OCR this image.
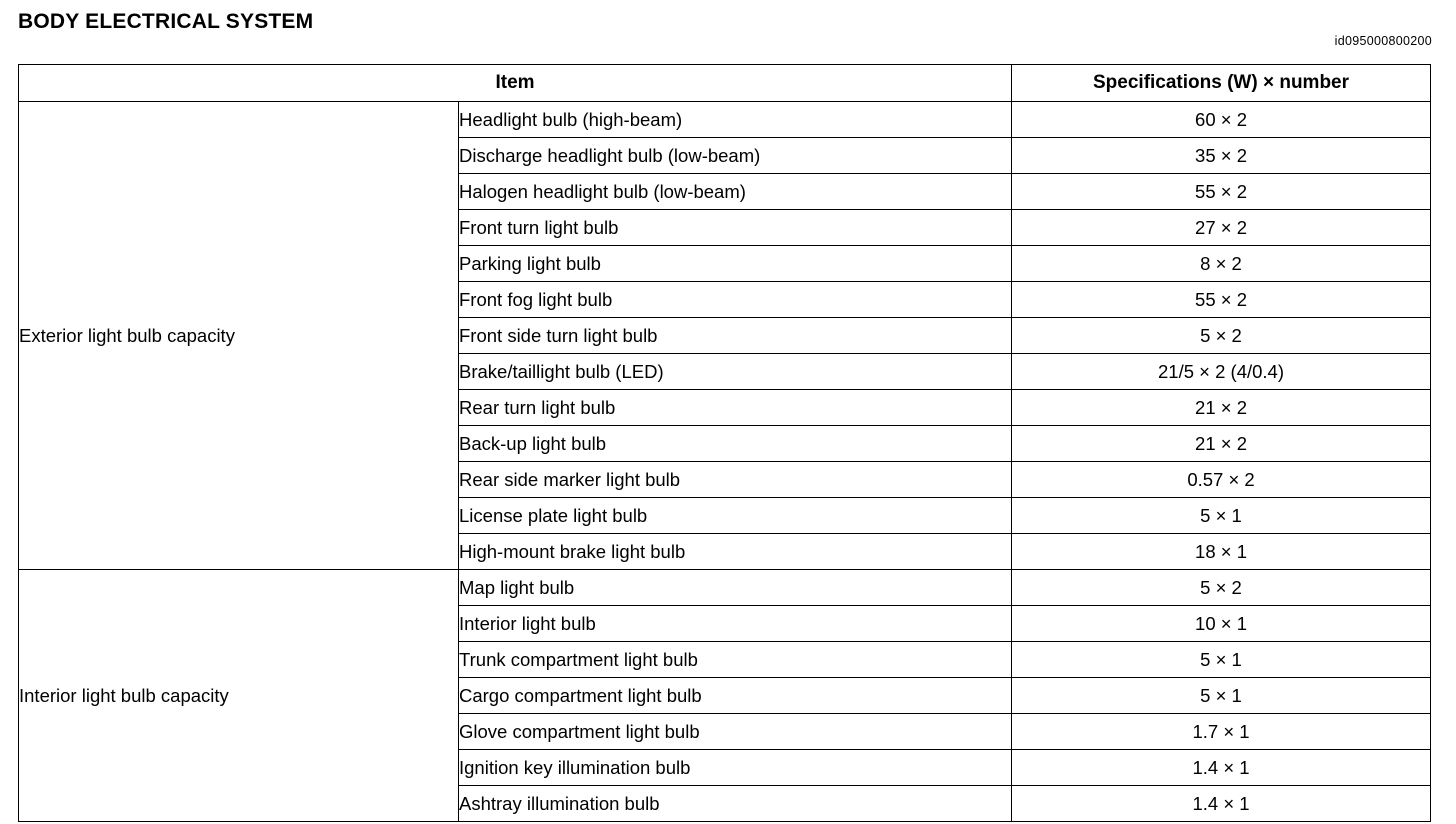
BODY ELECTRICAL SYSTEM
id095000800200
Item		Specifications (W) × number
Exterior light bulb capacity	Headlight bulb (high-beam)	60 × 2
	Discharge headlight bulb (low-beam)	35 × 2
	Halogen headlight bulb (low-beam)	55 × 2
	Front turn light bulb	27 × 2
	Parking light bulb	8 × 2
	Front fog light bulb	55 × 2
	Front side turn light bulb	5 × 2
	Brake/taillight bulb (LED)	21/5 × 2 (4/0.4)
	Rear turn light bulb	21 × 2
	Back-up light bulb	21 × 2
	Rear side marker light bulb	0.57 × 2
	License plate light bulb	5 × 1
	High-mount brake light bulb	18 × 1
Interior light bulb capacity	Map light bulb	5 × 2
	Interior light bulb	10 × 1
	Trunk compartment light bulb	5 × 1
	Cargo compartment light bulb	5 × 1
	Glove compartment light bulb	1.7 × 1
	Ignition key illumination bulb	1.4 × 1
	Ashtray illumination bulb	1.4 × 1
